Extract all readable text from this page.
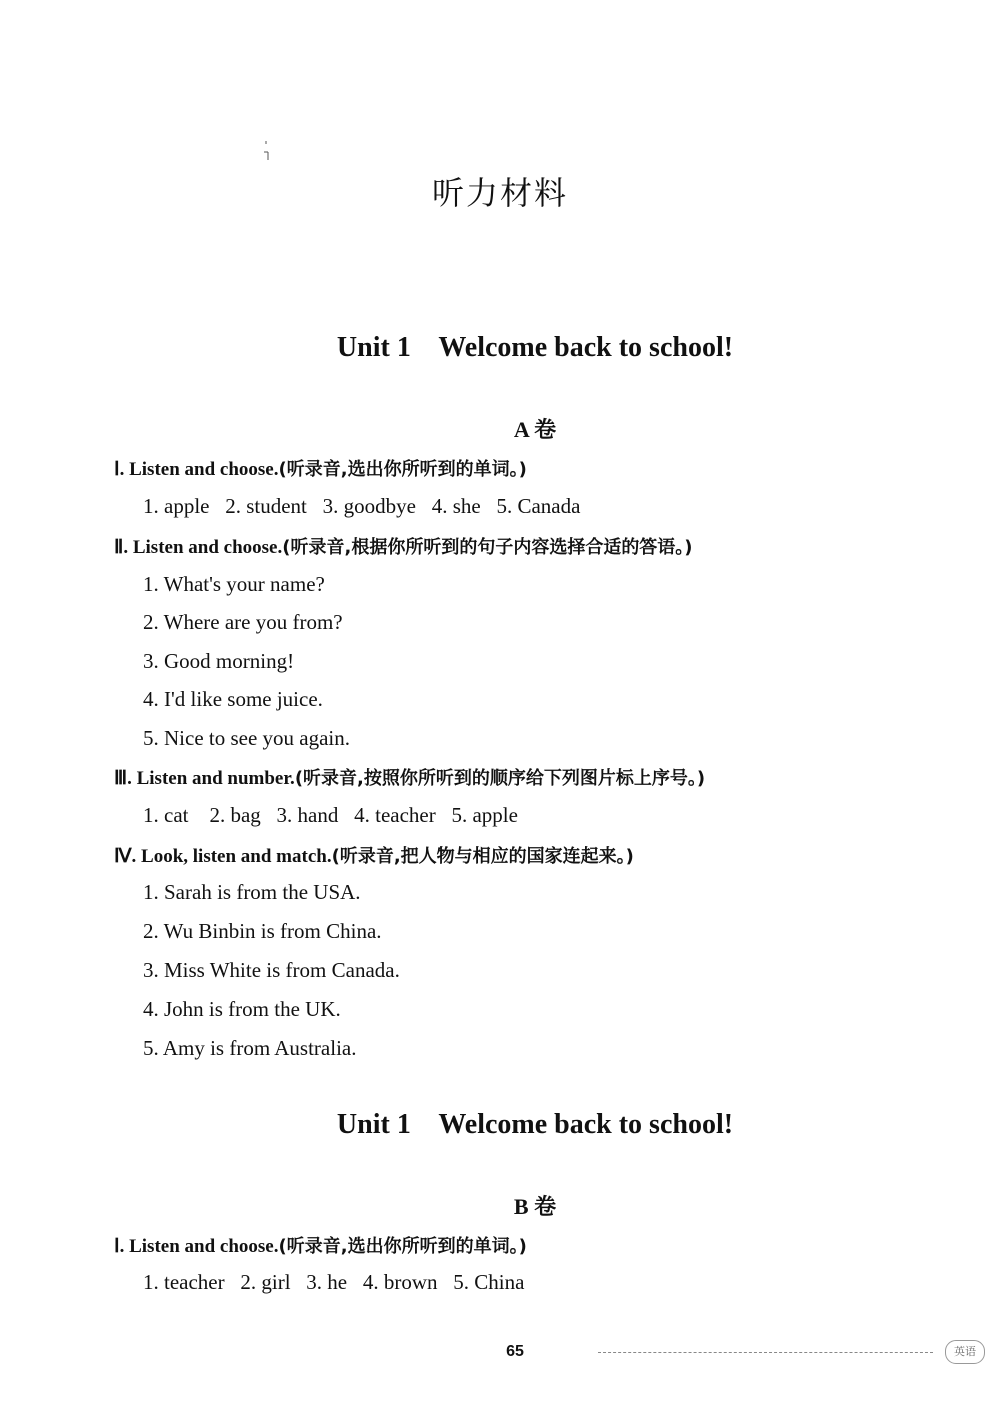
听力材料
Unit 1    Welcome back to school!
A 卷
Ⅰ. Listen and choose.(听录音,选出你所听到的单词。)
1. apple   2. student   3. goodbye   4. she   5. Canada
Ⅱ. Listen and choose.(听录音,根据你所听到的句子内容选择合适的答语。)
1. What's your name?
2. Where are you from?
3. Good morning!
4. I'd like some juice.
5. Nice to see you again.
Ⅲ. Listen and number.(听录音,按照你所听到的顺序给下列图片标上序号。)
1. cat    2. bag   3. hand   4. teacher   5. apple
Ⅳ. Look, listen and match.(听录音,把人物与相应的国家连起来。)
1. Sarah is from the USA.
2. Wu Binbin is from China.
3. Miss White is from Canada.
4. John is from the UK.
5. Amy is from Australia.
Unit 1    Welcome back to school!
B 卷
Ⅰ. Listen and choose.(听录音,选出你所听到的单词。)
1. teacher   2. girl   3. he   4. brown   5. China
65	英语
